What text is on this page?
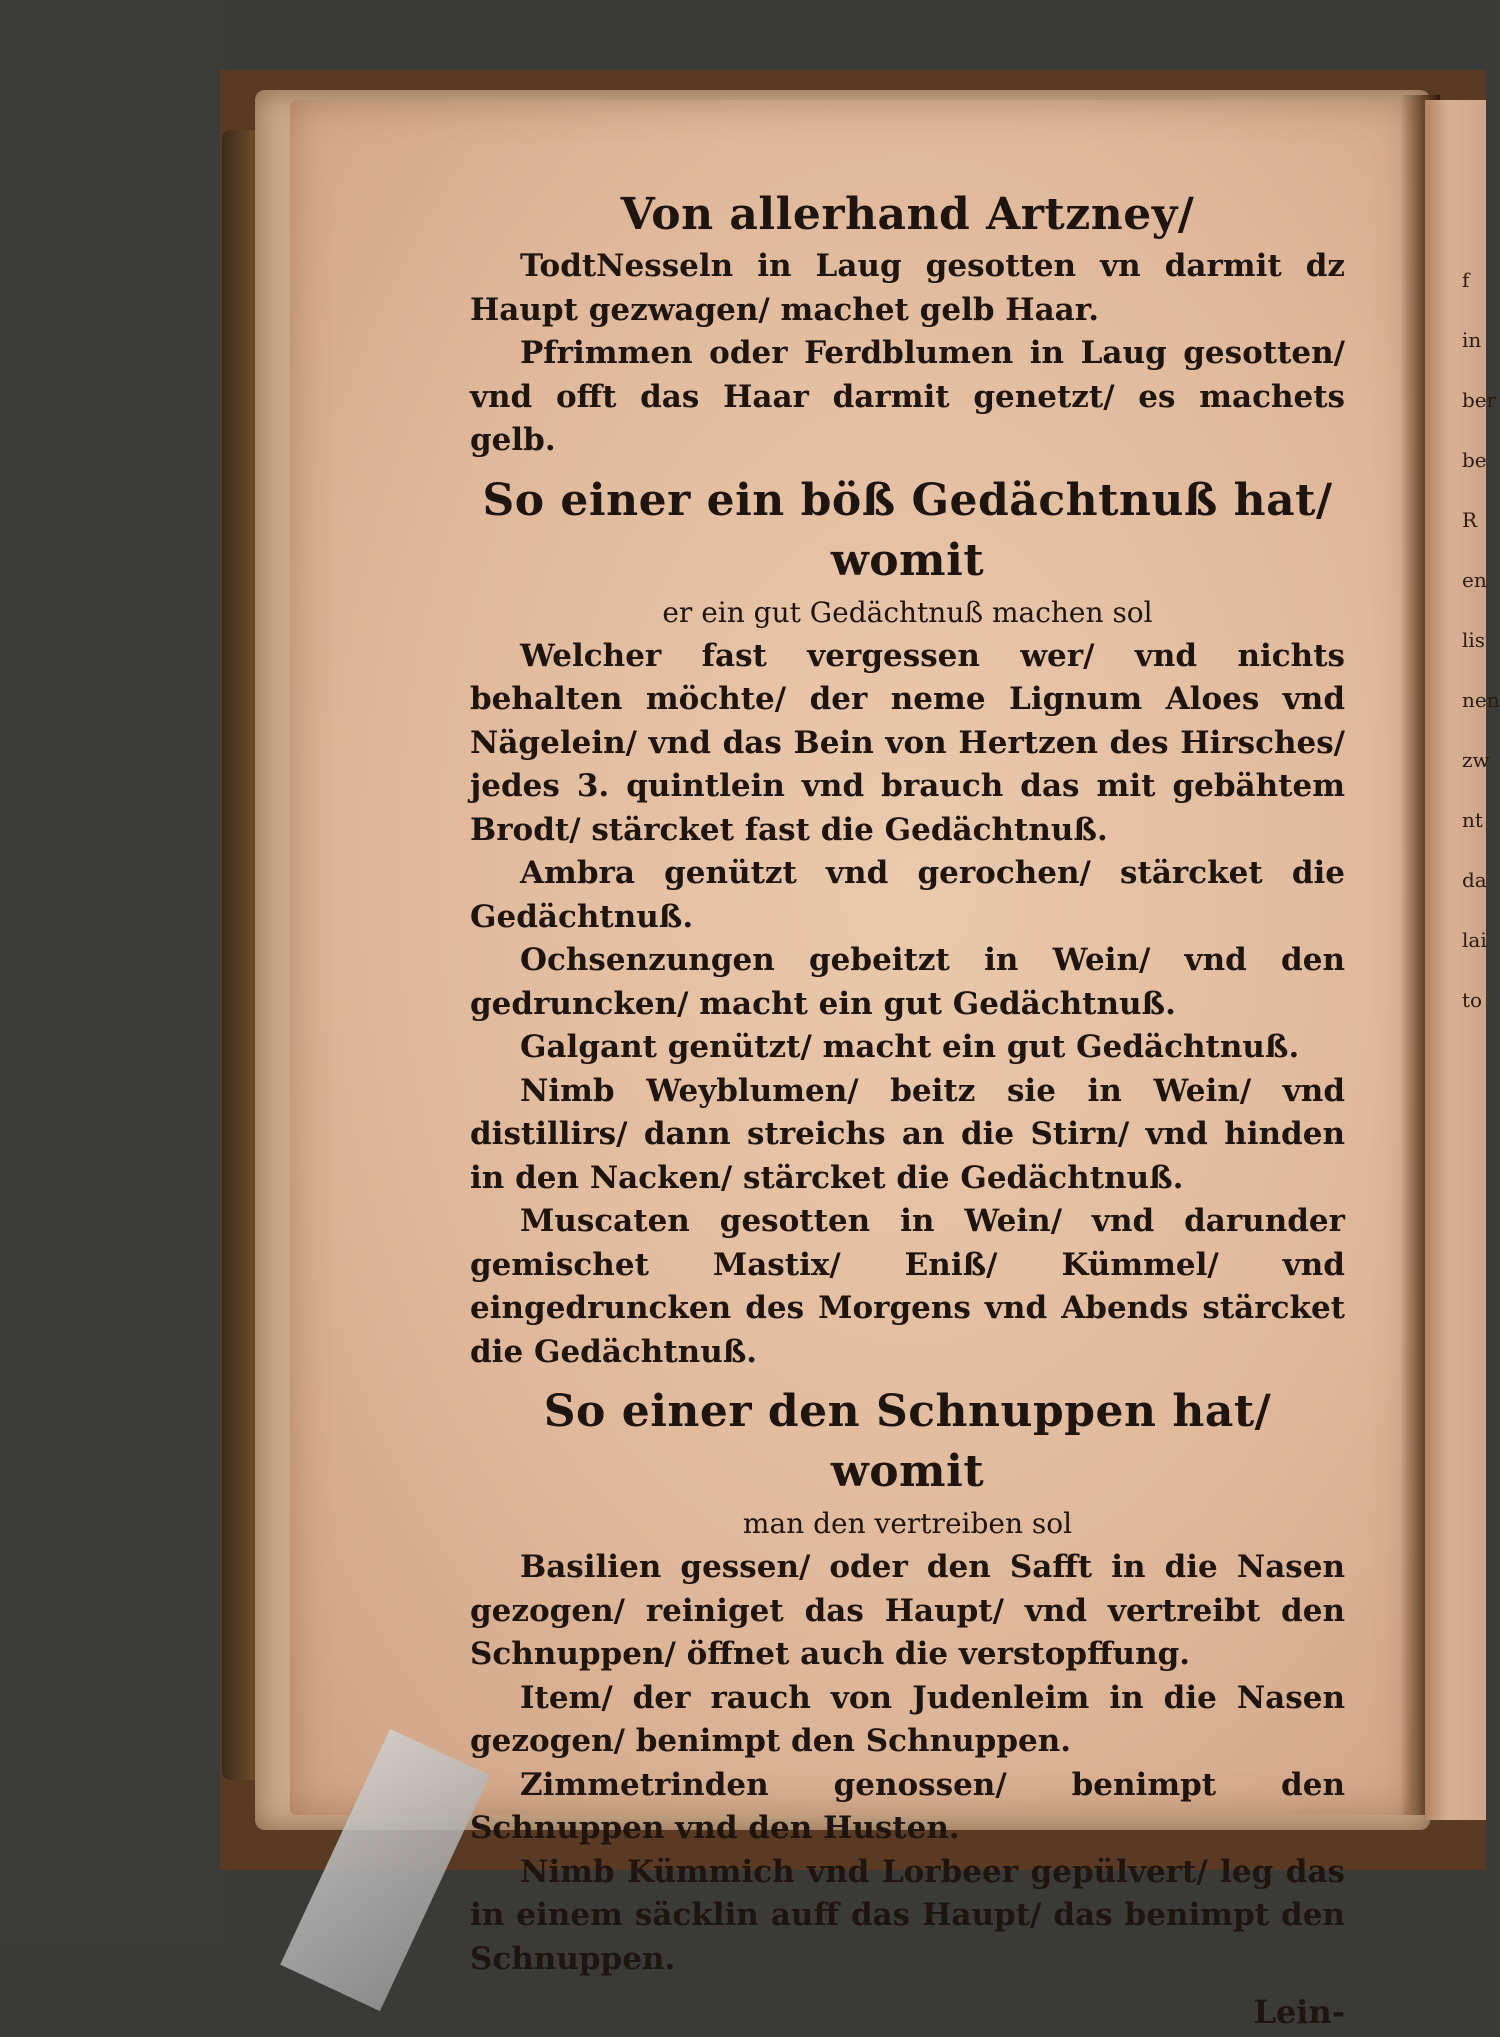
f
in
ber
be
R
en
lis
nen
zw
nt
da
lai
to
Von allerhand Artzney/

TodtNesseln in Laug gesotten vn darmit dz Haupt gezwagen/ machet gelb Haar.

Pfrimmen oder Ferdblumen in Laug gesotten/ vnd offt das Haar darmit genetzt/ es machets gelb.

So einer ein böß Gedächtnuß hat/ womit

er ein gut Gedächtnuß machen sol

Welcher fast vergessen wer/ vnd nichts behalten möchte/ der neme Lignum Aloes vnd Nägelein/ vnd das Bein von Hertzen des Hirsches/ jedes 3. quintlein vnd brauch das mit gebähtem Brodt/ stärcket fast die Gedächtnuß.

Ambra genützt vnd gerochen/ stärcket die Gedächtnuß.

Ochsenzungen gebeitzt in Wein/ vnd den gedruncken/ macht ein gut Gedächtnuß.

Galgant genützt/ macht ein gut Gedächtnuß.

Nimb Weyblumen/ beitz sie in Wein/ vnd distillirs/ dann streichs an die Stirn/ vnd hinden in den Nacken/ stärcket die Gedächtnuß.

Muscaten gesotten in Wein/ vnd darunder gemischet Mastix/ Eniß/ Kümmel/ vnd eingedruncken des Morgens vnd Abends stärcket die Gedächtnuß.

So einer den Schnuppen hat/ womit

man den vertreiben sol

Basilien gessen/ oder den Safft in die Nasen gezogen/ reiniget das Haupt/ vnd vertreibt den Schnuppen/ öffnet auch die verstopffung.

Item/ der rauch von Judenleim in die Nasen gezogen/ benimpt den Schnuppen.

Zimmetrinden genossen/ benimpt den Schnuppen vnd den Husten.

Nimb Kümmich vnd Lorbeer gepülvert/ leg das in einem säcklin auff das Haupt/ das benimpt den Schnuppen.

Lein-
